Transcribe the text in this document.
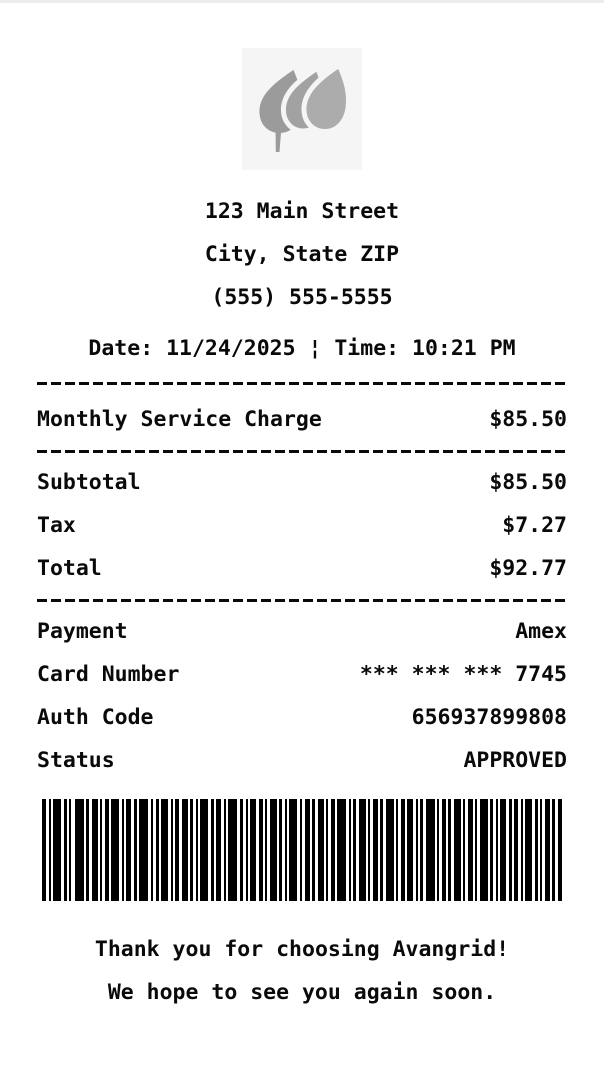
123 Main Street
City, State ZIP
(555) 555-5555
Date: 11/24/2025 ¦ Time: 10:21 PM
Monthly Service Charge	$85.50
Subtotal	$85.50
Tax	$7.27
Total	$92.77
Payment	Amex
Card Number	*** *** *** 7745
Auth Code	656937899808
Status	APPROVED
Thank you for choosing Avangrid!
We hope to see you again soon.
